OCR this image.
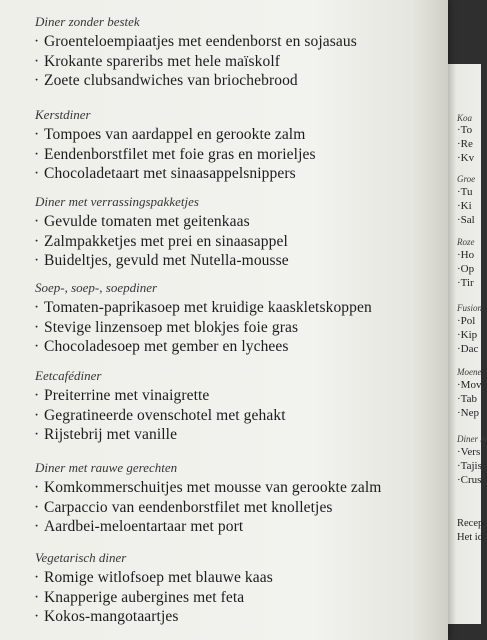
Diner zonder bestek
· Groenteloempiaatjes met eendenborst en sojasaus
· Krokante spareribs met hele maïskolf
· Zoete clubsandwiches van briochebrood
Kerstdiner
· Tompoes van aardappel en gerookte zalm
· Eendenborstfilet met foie gras en morieljes
· Chocoladetaart met sinaasappelsnippers
Diner met verrassingspakketjes
· Gevulde tomaten met geitenkaas
· Zalmpakketjes met prei en sinaasappel
· Buideltjes, gevuld met Nutella-mousse
Soep-, soep-, soepdiner
· Tomaten-paprikasoep met kruidige kaaskletskoppen
· Stevige linzensoep met blokjes foie gras
· Chocoladesoep met gember en lychees
Eetcafédiner
· Preiterrine met vinaigrette
· Gegratineerde ovenschotel met gehakt
· Rijstebrij met vanille
Diner met rauwe gerechten
· Komkommerschuitjes met mousse van gerookte zalm
· Carpaccio van eendenborstfilet met knolletjes
· Aardbei-meloentartaar met port
Vegetarisch diner
· Romige witlofsoep met blauwe kaas
· Knapperige aubergines met feta
· Kokos-mangotaartjes
Koa
·To
·Re
·Kv
Groe
·Tu
·Ki
·Sal
Roze
·Ho
·Op
·Tir
Fusion
·Pol
·Kip
·Dac
Moene
·Mov
·Tab
·Nep
Diner m
·Vers
·Tajis
·Crus
Recep
Het id
